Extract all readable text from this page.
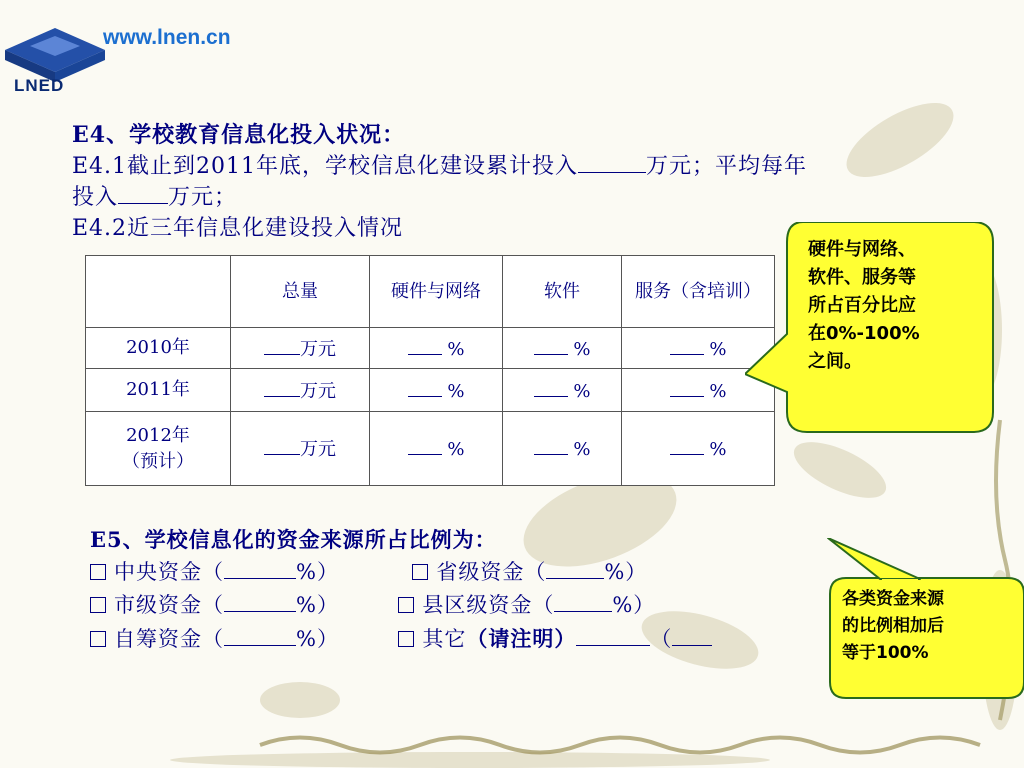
LNED
www.lnen.cn
E4、学校教育信息化投入状况：
E4.1截止到2011年底，学校信息化建设累计投入	万元；平均每年
投入 万元；
E4.2近三年信息化建设投入情况
	总量	硬件与网络	软件	服务（含培训）
2010年	万元	%	%	%
2011年	万元	%	%	%
2012年
（预计）	万元	%	%	%
硬件与网络、
软件、服务等
所占百分比应
在0%-100%
之间。
E5、学校信息化的资金来源所占比例为：
中央资金（	%）	省级资金（	%）
市级资金（	%）	县区级资金（	%）
自筹资金（	%）	其它（请注明）	（
各类资金来源
的比例相加后
等于100%
